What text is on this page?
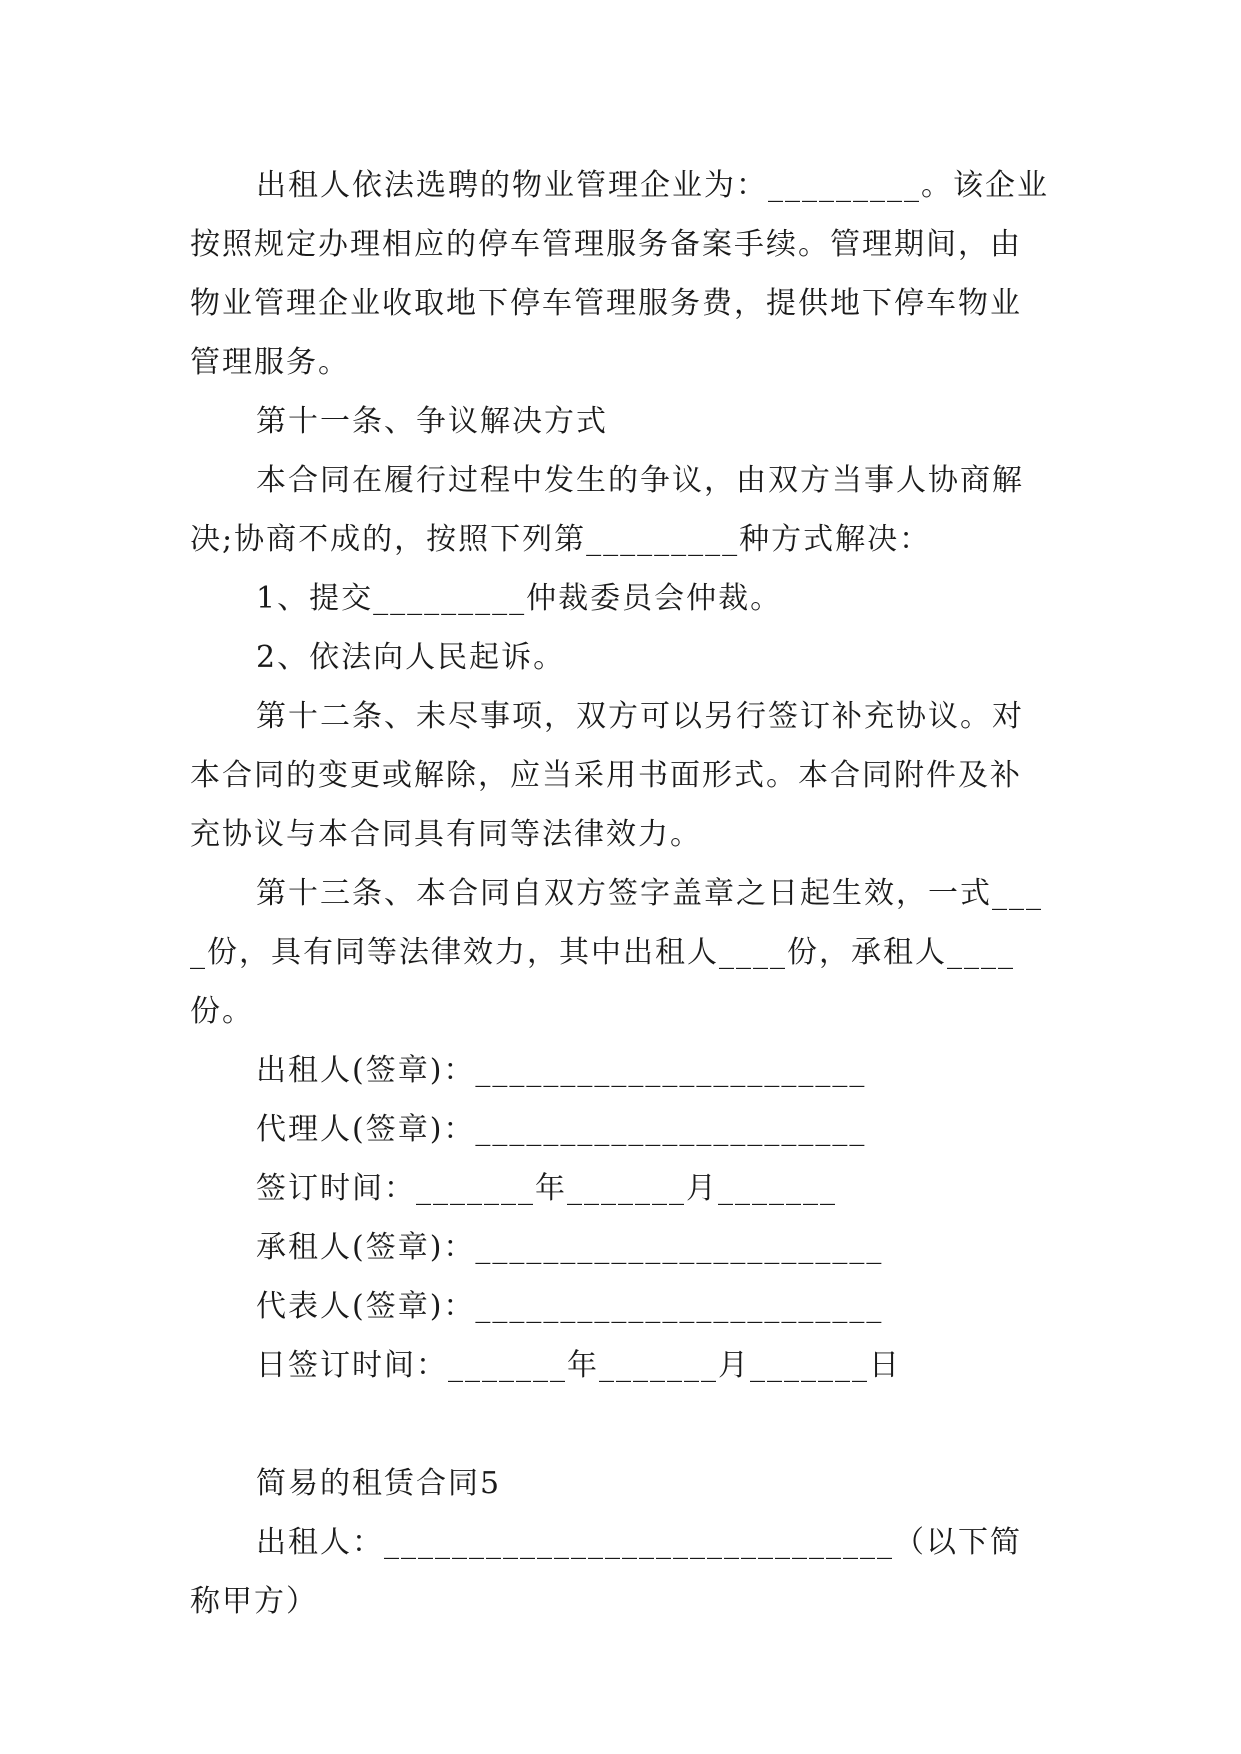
出租人依法选聘的物业管理企业为：_________。该企业按照规定办理相应的停车管理服务备案手续。管理期间，由物业管理企业收取地下停车管理服务费，提供地下停车物业管理服务。

第十一条、争议解决方式

本合同在履行过程中发生的争议，由双方当事人协商解决;协商不成的，按照下列第_________种方式解决：

1、提交_________仲裁委员会仲裁。

2、依法向人民起诉。

第十二条、未尽事项，双方可以另行签订补充协议。对本合同的变更或解除，应当采用书面形式。本合同附件及补充协议与本合同具有同等法律效力。

第十三条、本合同自双方签字盖章之日起生效，一式____份，具有同等法律效力，其中出租人____份，承租人____份。

出租人(签章)：_______________________
代理人(签章)：_______________________
签订时间：_______年_______月_______
承租人(签章)：________________________
代表人(签章)：________________________
日签订时间：_______年_______月_______日

简易的租赁合同5

出租人：______________________________（以下简称甲方）
